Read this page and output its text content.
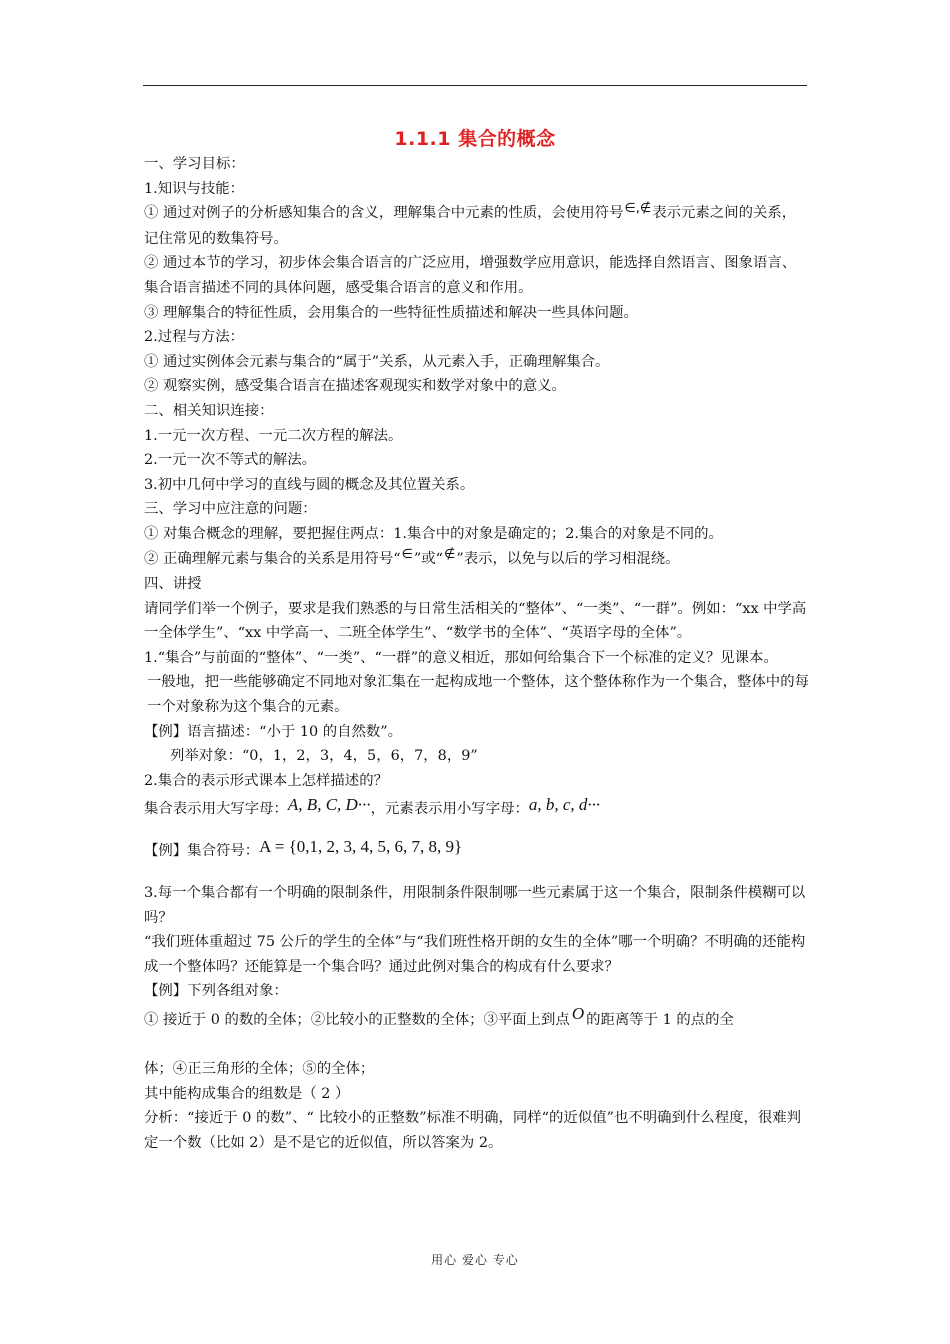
1.1.1 集合的概念

一、学习目标：

1.知识与技能：

① 通过对例子的分析感知集合的含义，理解集合中元素的性质，会使用符号∈,∉表示元素之间的关系，记住常见的数集符号。

② 通过本节的学习，初步体会集合语言的广泛应用，增强数学应用意识，能选择自然语言、图象语言、集合语言描述不同的具体问题，感受集合语言的意义和作用。

③ 理解集合的特征性质，会用集合的一些特征性质描述和解决一些具体问题。

2.过程与方法：

① 通过实例体会元素与集合的“属于”关系，从元素入手，正确理解集合。

② 观察实例，感受集合语言在描述客观现实和数学对象中的意义。

二、相关知识连接：

1.一元一次方程、一元二次方程的解法。

2.一元一次不等式的解法。

3.初中几何中学习的直线与圆的概念及其位置关系。

三、学习中应注意的问题：

① 对集合概念的理解，要把握住两点：1.集合中的对象是确定的；2.集合的对象是不同的。

② 正确理解元素与集合的关系是用符号“∈”或“∉”表示，以免与以后的学习相混绕。

四、讲授

请同学们举一个例子，要求是我们熟悉的与日常生活相关的“整体”、“一类”、“一群”。例如：“xx 中学高一全体学生”、“xx 中学高一、二班全体学生”、“数学书的全体”、“英语字母的全体”。

1.“集合”与前面的“整体”、“一类”、“一群”的意义相近，那如何给集合下一个标准的定义？见课本。

一般地，把一些能够确定不同地对象汇集在一起构成地一个整体，这个整体称作为一个集合，整体中的每一个对象称为这个集合的元素。

【例】语言描述：“小于 10 的自然数”。

列举对象：“0，1，2，3，4，5，6，7，8，9”

2.集合的表示形式课本上怎样描述的？

集合表示用大写字母：A, B, C, D···，元素表示用小写字母：a, b, c, d···

【例】集合符号：A = {0,1, 2, 3, 4, 5, 6, 7, 8, 9}

3.每一个集合都有一个明确的限制条件，用限制条件限制哪一些元素属于这一个集合，限制条件模糊可以吗？

“我们班体重超过 75 公斤的学生的全体”与“我们班性格开朗的女生的全体”哪一个明确？不明确的还能构成一个整体吗？还能算是一个集合吗？通过此例对集合的构成有什么要求？

【例】下列各组对象：

① 接近于 0 的数的全体；②比较小的正整数的全体；③平面上到点 O 的距离等于 1 的点的全

体；④正三角形的全体；⑤的全体；

其中能构成集合的组数是（ 2 ）

分析：“接近于 0 的数”、“ 比较小的正整数”标准不明确，同样“的近似值”也不明确到什么程度，很难判定一个数（比如 2）是不是它的近似值，所以答案为 2。

用心 爱心 专心
